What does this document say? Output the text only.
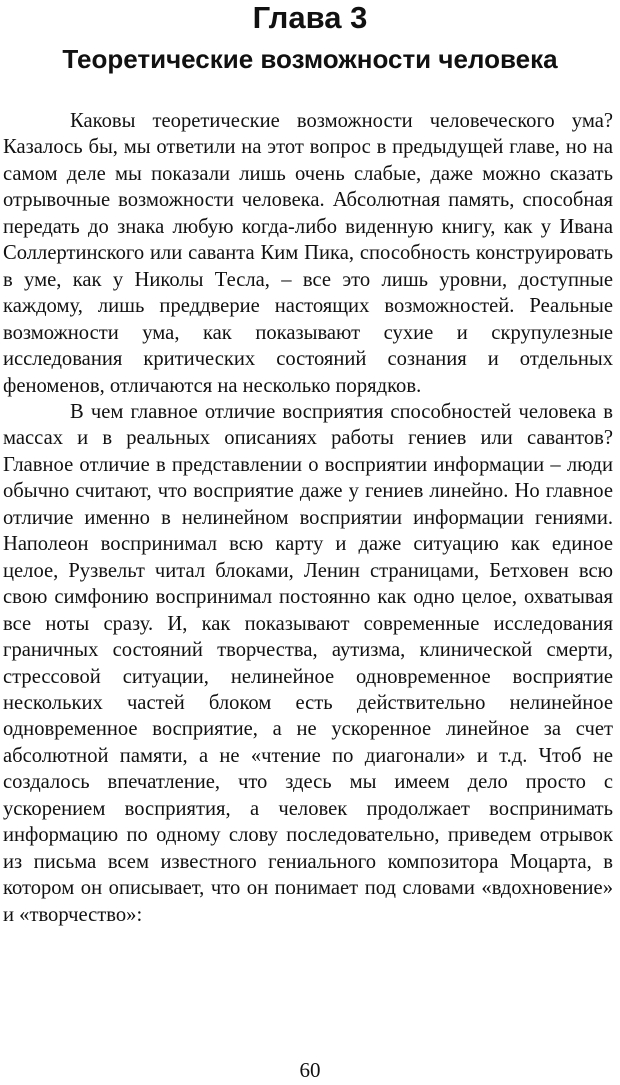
Глава 3
Теоретические возможности человека

Каковы теоретические возможности человеческого ума? Казалось бы, мы ответили на этот вопрос в предыдущей главе, но на самом деле мы показали лишь очень слабые, даже можно сказать отрывочные возможности человека. Абсолютная память, способная передать до знака любую когда-либо виденную книгу, как у Ивана Соллертинского или саванта Ким Пика, способность конструировать в уме, как у Николы Тесла, – все это лишь уровни, доступные каждому, лишь преддверие настоящих возможностей. Реальные возможности ума, как показывают сухие и скрупулезные исследования критических состояний сознания и отдельных феноменов, отличаются на несколько порядков.

В чем главное отличие восприятия способностей человека в массах и в реальных описаниях работы гениев или савантов? Главное отличие в представлении о восприятии информации – люди обычно считают, что восприятие даже у гениев линейно. Но главное отличие именно в нелинейном восприятии информации гениями. Наполеон воспринимал всю карту и даже ситуацию как единое целое, Рузвельт читал блоками, Ленин страницами, Бетховен всю свою симфонию воспринимал постоянно как одно целое, охватывая все ноты сразу. И, как показывают современные исследования граничных состояний творчества, аутизма, клинической смерти, стрессовой ситуации, нелинейное одновременное восприятие нескольких частей блоком есть действительно нелинейное одновременное восприятие, а не ускоренное линейное за счет абсолютной памяти, а не «чтение по диагонали» и т.д. Чтоб не создалось впечатление, что здесь мы имеем дело просто с ускорением восприятия, а человек продолжает воспринимать информацию по одному слову последовательно, приведем отрывок из письма всем известного гениального композитора Моцарта, в котором он описывает, что он понимает под словами «вдохновение» и «творчество»:

60
